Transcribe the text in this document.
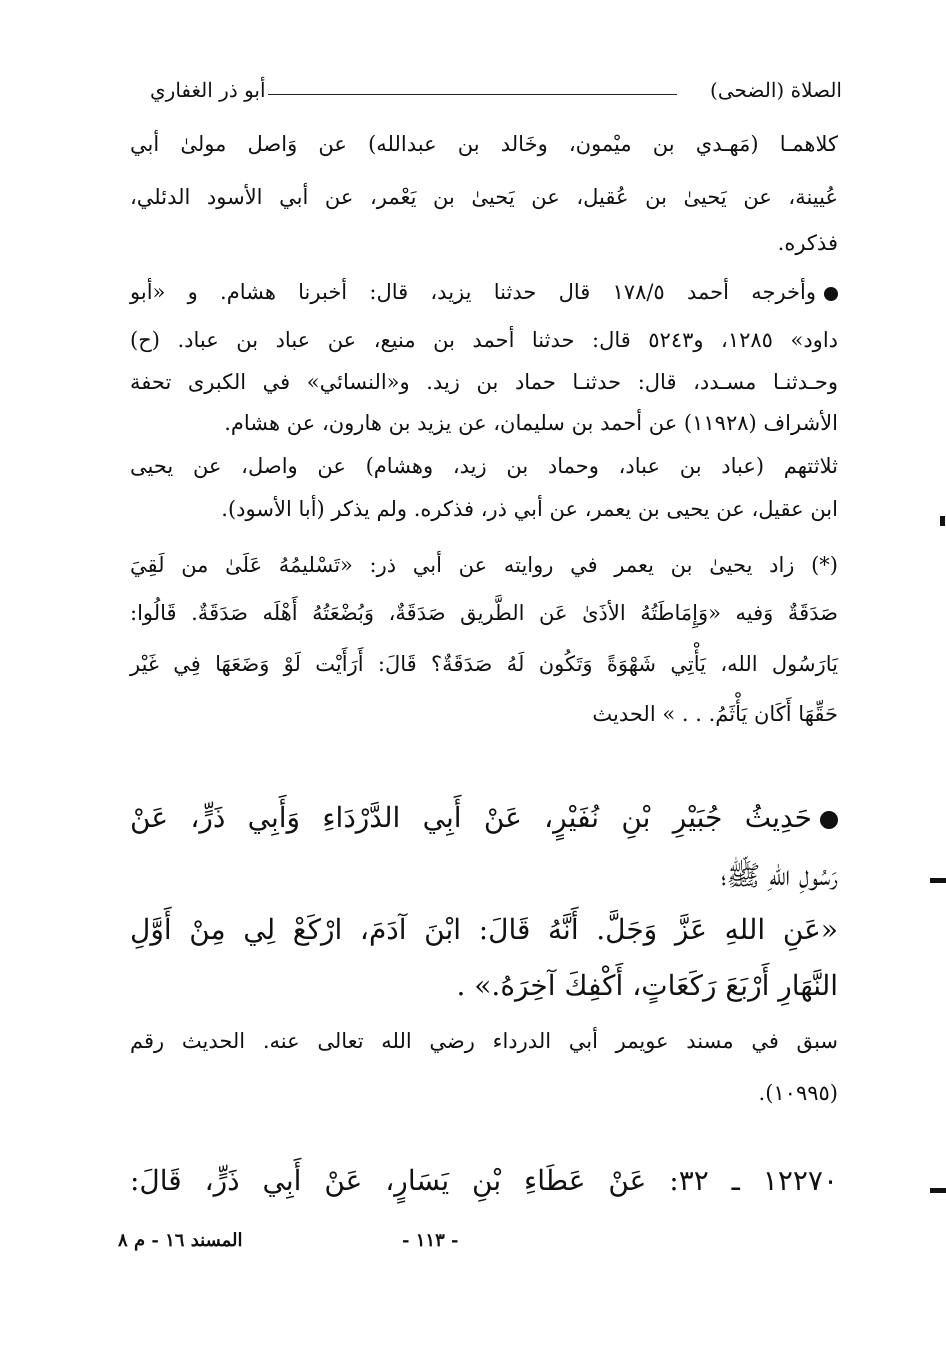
الصلاة (الضحى)
أبو ذر الغفاري
كلاهمـا (مَهـدي بن ميْمون، وخَالد بن عبدالله) عن وَاصل مولىٰ أبي
عُيينة، عن يَحيىٰ بن عُقيل، عن يَحيىٰ بن يَعْمر، عن أبي الأسود الدئلي،
فذكره.
وأخرجه أحمد ١٧٨/٥ قال حدثنا يزيد، قال: أخبرنا هشام. و «أبو
داود» ١٢٨٥، و٥٢٤٣ قال: حدثنا أحمد بن منيع، عن عباد بن عباد. (ح)
وحـدثنـا مسـدد، قال: حدثنـا حماد بن زيد. و«النسائي» في الكبرى تحفة
الأشراف (١١٩٢٨) عن أحمد بن سليمان، عن يزيد بن هارون، عن هشام.
ثلاثتهم (عباد بن عباد، وحماد بن زيد، وهشام) عن واصل، عن يحيى
ابن عقيل، عن يحيى بن يعمر، عن أبي ذر، فذكره. ولم يذكر (أبا الأسود).
(*) زاد يحيىٰ بن يعمر في روايته عن أبي ذر: «تَسْليمُهُ عَلَىٰ من لَقِيَ
صَدَقَةٌ وَفيه «وَإِمَاطَتُهُ الأذَىٰ عَن الطَّريق صَدَقَةٌ، وَبُضْعَتُهُ أَهْلَه صَدَقَةٌ. قَالُوا:
يَارَسُول الله، يَأْتِي شَهْوَةً وَتَكُون لَهُ صَدَقَةٌ؟ قَالَ: أَرَأَيْت لَوْ وَضَعَهَا فِي غَيْر
حَقِّهَا أَكَان يَأْثَمُ. . . » الحديث
حَدِيثُ جُبَيْرِ بْنِ نُفَيْرٍ، عَنْ أَبِي الدَّرْدَاءِ وَأَبِي ذَرٍّ، عَنْ
رَسُولِ اللهِ ﷺ؛
«عَنِ اللهِ عَزَّ وَجَلَّ. أَنَّهُ قَالَ: ابْنَ آدَمَ، ارْكَعْ لِي مِنْ أَوَّلِ
النَّهَارِ أَرْبَعَ رَكَعَاتٍ، أَكْفِكَ آخِرَهُ.» .
سبق في مسند عويمر أبي الدرداء رضي الله تعالى عنه. الحديث رقم
(١٠٩٩٥).
١٢٢٧٠ ـ ٣٢: عَنْ عَطَاءِ بْنِ يَسَارٍ، عَنْ أَبِي ذَرٍّ، قَالَ:
- ١١٣ -
المسند ١٦ - م ٨
